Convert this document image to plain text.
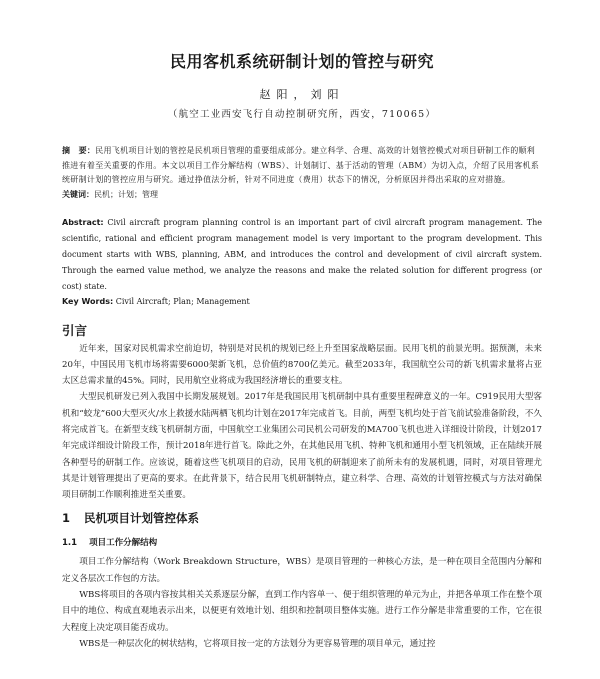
民用客机系统研制计划的管控与研究
赵阳，刘阳
（航空工业西安飞行自动控制研究所，西安，710065）
摘　要：民用飞机项目计划的管控是民机项目管理的重要组成部分。建立科学、合理、高效的计划管控模式对项目研制工作的顺利推进有着至关重要的作用。本文以项目工作分解结构（WBS）、计划制订、基于活动的管理（ABM）为切入点，介绍了民用客机系统研制计划的管控应用与研究。通过挣值法分析，针对不同进度（费用）状态下的情况，分析原因并得出采取的应对措施。
关键词：民机；计划；管理
Abstract: Civil aircraft program planning control is an important part of civil aircraft program management. The scientific, rational and efficient program management model is very important to the program development. This document starts with WBS, planning, ABM, and introduces the control and development of civil aircraft system. Through the earned value method, we analyze the reasons and make the related solution for different progress (or cost) state.
Key Words: Civil Aircraft; Plan; Management
引言

近年来，国家对民机需求空前迫切，特别是对民机的规划已经上升至国家战略层面。民用飞机的前景光明。据预测，未来20年，中国民用飞机市场将需要6000架新飞机，总价值约8700亿美元。截至2033年，我国航空公司的新飞机需求量将占亚太区总需求量的45%。同时，民用航空业将成为我国经济增长的重要支柱。

大型民机研发已列入我国中长期发展规划。2017年是我国民用飞机研制中具有重要里程碑意义的一年。C919民用大型客机和“蛟龙”600大型灭火/水上救援水陆两栖飞机均计划在2017年完成首飞。目前，两型飞机均处于首飞前试验准备阶段，不久将完成首飞。在新型支线飞机研制方面，中国航空工业集团公司民机公司研发的MA700飞机也进入详细设计阶段，计划2017年完成详细设计阶段工作，预计2018年进行首飞。除此之外，在其他民用飞机、特种飞机和通用小型飞机领域，正在陆续开展各种型号的研制工作。应该说，随着这些飞机项目的启动，民用飞机的研制迎来了前所未有的发展机遇，同时，对项目管理尤其是计划管理提出了更高的要求。在此背景下，结合民用飞机研制特点，建立科学、合理、高效的计划管控模式与方法对确保项目研制工作顺利推进至关重要。

1 民机项目计划管控体系
1.1 项目工作分解结构

项目工作分解结构（Work Breakdown Structure，WBS）是项目管理的一种核心方法，是一种在项目全范围内分解和定义各层次工作包的方法。

WBS将项目的各项内容按其相关关系逐层分解，直到工作内容单一、便于组织管理的单元为止，并把各单项工作在整个项目中的地位、构成直观地表示出来，以便更有效地计划、组织和控制项目整体实施。进行工作分解是非常重要的工作，它在很大程度上决定项目能否成功。

WBS是一种层次化的树状结构，它将项目按一定的方法划分为更容易管理的项目单元，通过控
